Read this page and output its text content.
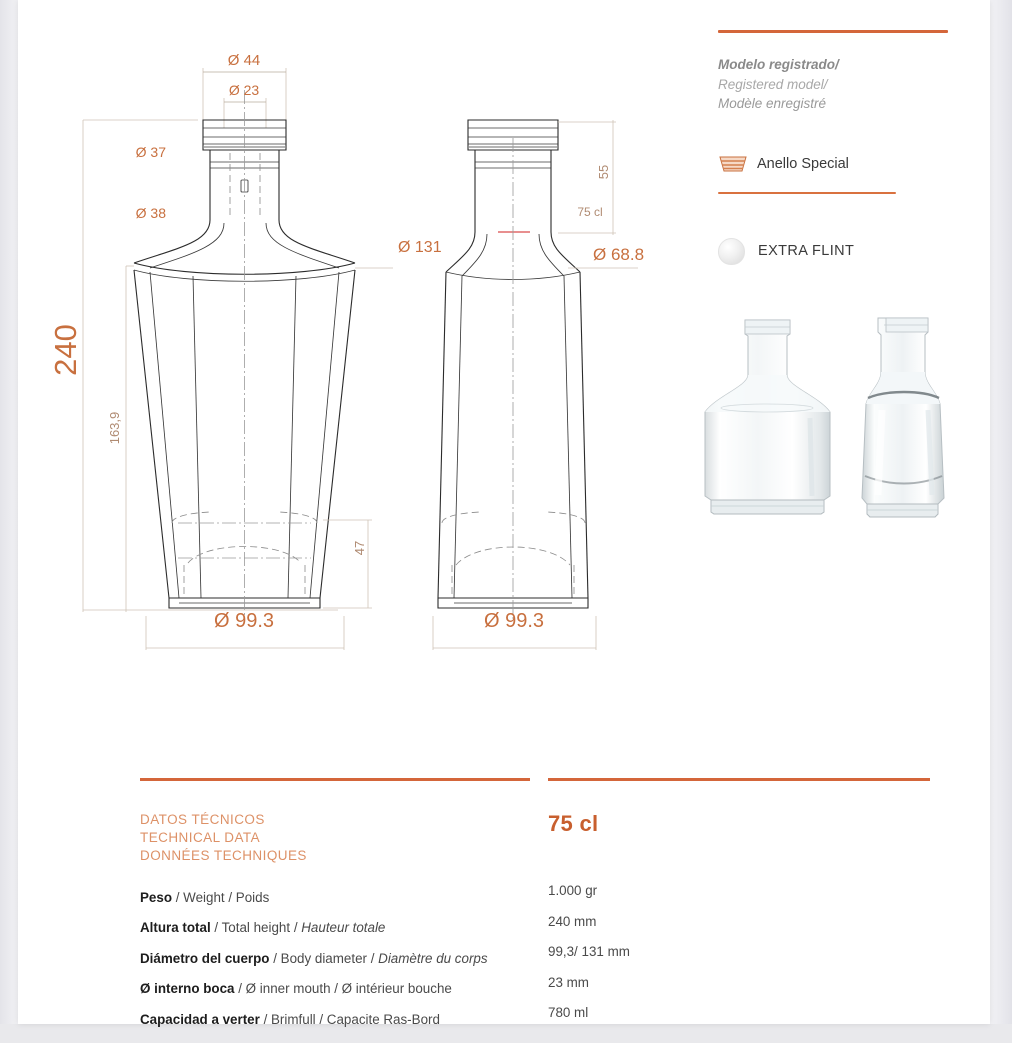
Ø 44
Ø 23
Ø 37
Ø 38
Ø 131
240
163,9
47
Ø 99.3
55
75 cl
Ø 68.8
Ø 99.3
Modelo registrado/
Registered model/
Modèle enregistré
Anello Special
EXTRA FLINT
DATOS TÉCNICOS
TECHNICAL DATA
DONNÉES TECHNIQUES
Peso / Weight / Poids
Altura total / Total height / Hauteur totale
Diámetro del cuerpo / Body diameter / Diamètre du corps
Ø interno boca / Ø inner mouth / Ø intérieur bouche
Capacidad a verter / Brimfull / Capacite Ras-Bord
75 cl
1.000 gr
240 mm
99,3/ 131 mm
23 mm
780 ml
